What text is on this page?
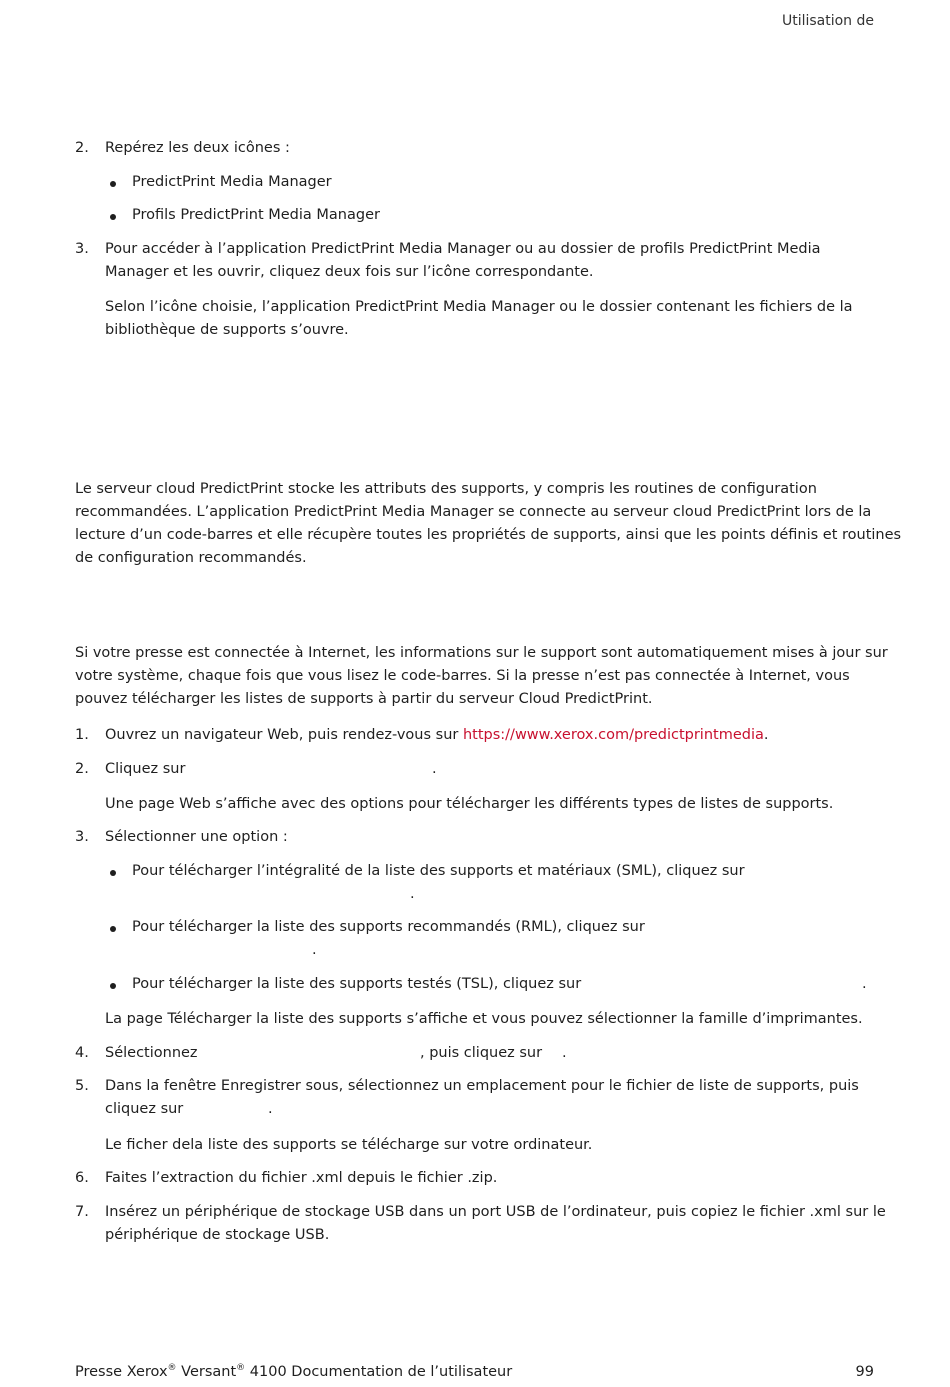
Utilisation de
2.	Repérez les deux icônes :
PredictPrint Media Manager
Profils PredictPrint Media Manager
3.	Pour accéder à l’application PredictPrint Media Manager ou au dossier de profils PredictPrint Media
Manager et les ouvrir, cliquez deux fois sur l’icône correspondante.
Selon l’icône choisie, l’application PredictPrint Media Manager ou le dossier contenant les fichiers de la
bibliothèque de supports s’ouvre.
Le serveur cloud PredictPrint stocke les attributs des supports, y compris les routines de configuration
recommandées. L’application PredictPrint Media Manager se connecte au serveur cloud PredictPrint lors de la
lecture d’un code-barres et elle récupère toutes les propriétés de supports, ainsi que les points définis et routines
de configuration recommandés.
Si votre presse est connectée à Internet, les informations sur le support sont automatiquement mises à jour sur
votre système, chaque fois que vous lisez le code-barres. Si la presse n’est pas connectée à Internet, vous
pouvez télécharger les listes de supports à partir du serveur Cloud PredictPrint.
1.	Ouvrez un navigateur Web, puis rendez-vous sur https://www.xerox.com/predictprintmedia.
2.	Cliquez sur	.
Une page Web s’affiche avec des options pour télécharger les différents types de listes de supports.
3.	Sélectionner une option :
Pour télécharger l’intégralité de la liste des supports et matériaux (SML), cliquez sur
.
Pour télécharger la liste des supports recommandés (RML), cliquez sur
.
Pour télécharger la liste des supports testés (TSL), cliquez sur	.
La page Télécharger la liste des supports s’affiche et vous pouvez sélectionner la famille d’imprimantes.
4.	Sélectionnez	, puis cliquez sur .
5.	Dans la fenêtre Enregistrer sous, sélectionnez un emplacement pour le fichier de liste de supports, puis
cliquez sur	.
Le ficher dela liste des supports se télécharge sur votre ordinateur.
6.	Faites l’extraction du fichier .xml depuis le fichier .zip.
7.	Insérez un périphérique de stockage USB dans un port USB de l’ordinateur, puis copiez le fichier .xml sur le
périphérique de stockage USB.
Presse Xerox® Versant® 4100 Documentation de l’utilisateur	99
